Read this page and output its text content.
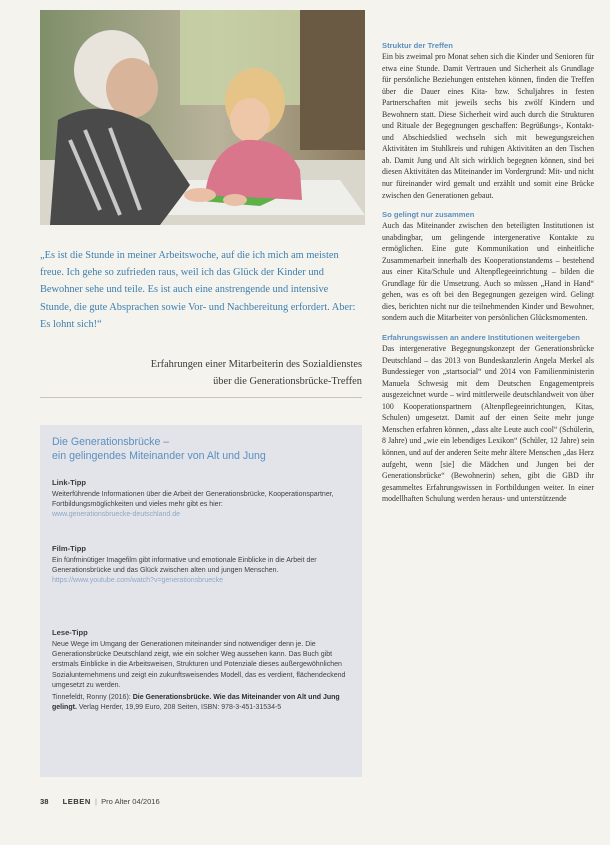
„Es ist die Stunde in meiner Arbeitswoche, auf die ich mich am meisten freue. Ich gehe so zufrieden raus, weil ich das Glück der Kinder und Bewohner sehe und teile. Es ist auch eine anstrengende und intensive Stunde, die gute Absprachen sowie Vor- und Nachbereitung erfordert. Aber: Es lohnt sich!“
Erfahrungen einer Mitarbeiterin des Sozialdienstes
über die Generationsbrücke-Treffen
Die Generationsbrücke –
ein gelingendes Miteinander von Alt und Jung
Link-Tipp

Weiterführende Informationen über die Arbeit der Generationsbrücke, Kooperationspartner, Fortbildungsmöglichkeiten und vieles mehr gibt es hier:
www.generationsbruecke-deutschland.de

Film-Tipp

Ein fünfminütiger Imagefilm gibt informative und emotionale Einblicke in die Arbeit der Generationsbrücke und das Glück zwischen alten und jungen Menschen.
https://www.youtube.com/watch?v=generationsbruecke

Lese-Tipp

Neue Wege im Umgang der Generationen miteinander sind notwendiger denn je. Die Generationsbrücke Deutschland zeigt, wie ein solcher Weg aussehen kann. Das Buch gibt erstmals Einblicke in die Arbeitsweisen, Strukturen und Potenziale dieses außergewöhnlichen Sozialunternehmens und zeigt ein zukunftsweisendes Modell, das es verdient, flächendeckend umgesetzt zu werden.

Tinnefeldt, Ronny (2016): Die Generationsbrücke. Wie das Miteinander von Alt und Jung gelingt. Verlag Herder, 19,99 Euro, 208 Seiten, ISBN: 978-3-451-31534-5

Struktur der Treffen

Ein bis zweimal pro Monat sehen sich die Kinder und Senioren für etwa eine Stunde. Damit Vertrauen und Sicherheit als Grundlage für persönliche Beziehungen entstehen können, finden die Treffen über die Dauer eines Kita- bzw. Schuljahres in festen Partnerschaften mit jeweils sechs bis zwölf Kindern und Bewohnern statt. Diese Sicherheit wird auch durch die Strukturen und Rituale der Begegnungen geschaffen: Begrüßungs-, Kontakt- und Abschiedslied wechseln sich mit bewegungsreichen Aktivitäten im Stuhlkreis und ruhigen Aktivitäten an den Tischen ab. Damit Jung und Alt sich wirklich begegnen können, sind bei diesen Aktivitäten das Miteinander im Vordergrund: Mit- und nicht nur füreinander wird gemalt und erzählt und somit eine Brücke zwischen den Generationen gebaut.

So gelingt nur zusammen

Auch das Miteinander zwischen den beteiligten Institutionen ist unabdingbar, um gelingende intergenerative Kontakte zu ermöglichen. Eine gute Kommunikation und einheitliche Zusammenarbeit innerhalb des Kooperationstandems – bestehend aus einer Kita/Schule und Altenpflegeeinrichtung – bilden die Grundlage für die Umsetzung. Auch so müssen „Hand in Hand“ gehen, was es oft bei den Begegnungen gezeigen wird. Gelingt dies, berichten nicht nur die teilnehmenden Kinder und Bewohner, sondern auch die Mitarbeiter von persönlichen Glücksmomenten.

Erfahrungswissen an andere Institutionen weitergeben

Das intergenerative Begegnungskonzept der Generationsbrücke Deutschland – das 2013 von Bundeskanzlerin Angela Merkel als Bundessieger von „startsocial“ und 2014 von Familienministerin Manuela Schwesig mit dem Deutschen Engagementpreis ausgezeichnet wurde – wird mittlerweile deutschlandweit von über 100 Kooperationspartnern (Altenpflegeeinrichtungen, Kitas, Schulen) umgesetzt. Damit auf der einen Seite mehr junge Menschen erfahren können, „dass alte Leute auch cool“ (Schülerin, 8 Jahre) und „wie ein lebendiges Lexikon“ (Schüler, 12 Jahre) sein können, und auf der anderen Seite mehr ältere Menschen „das Herz aufgeht, wenn [sie] die Mädchen und Jungen bei der Generationsbrücke“ (Bewohnerin) sehen, gibt die GBD ihr gesammeltes Erfahrungswissen in Fortbildungen weiter. In einer modellhaften Schulung werden heraus- und unterstützende

38 LEBEN | Pro Alter 04/2016
